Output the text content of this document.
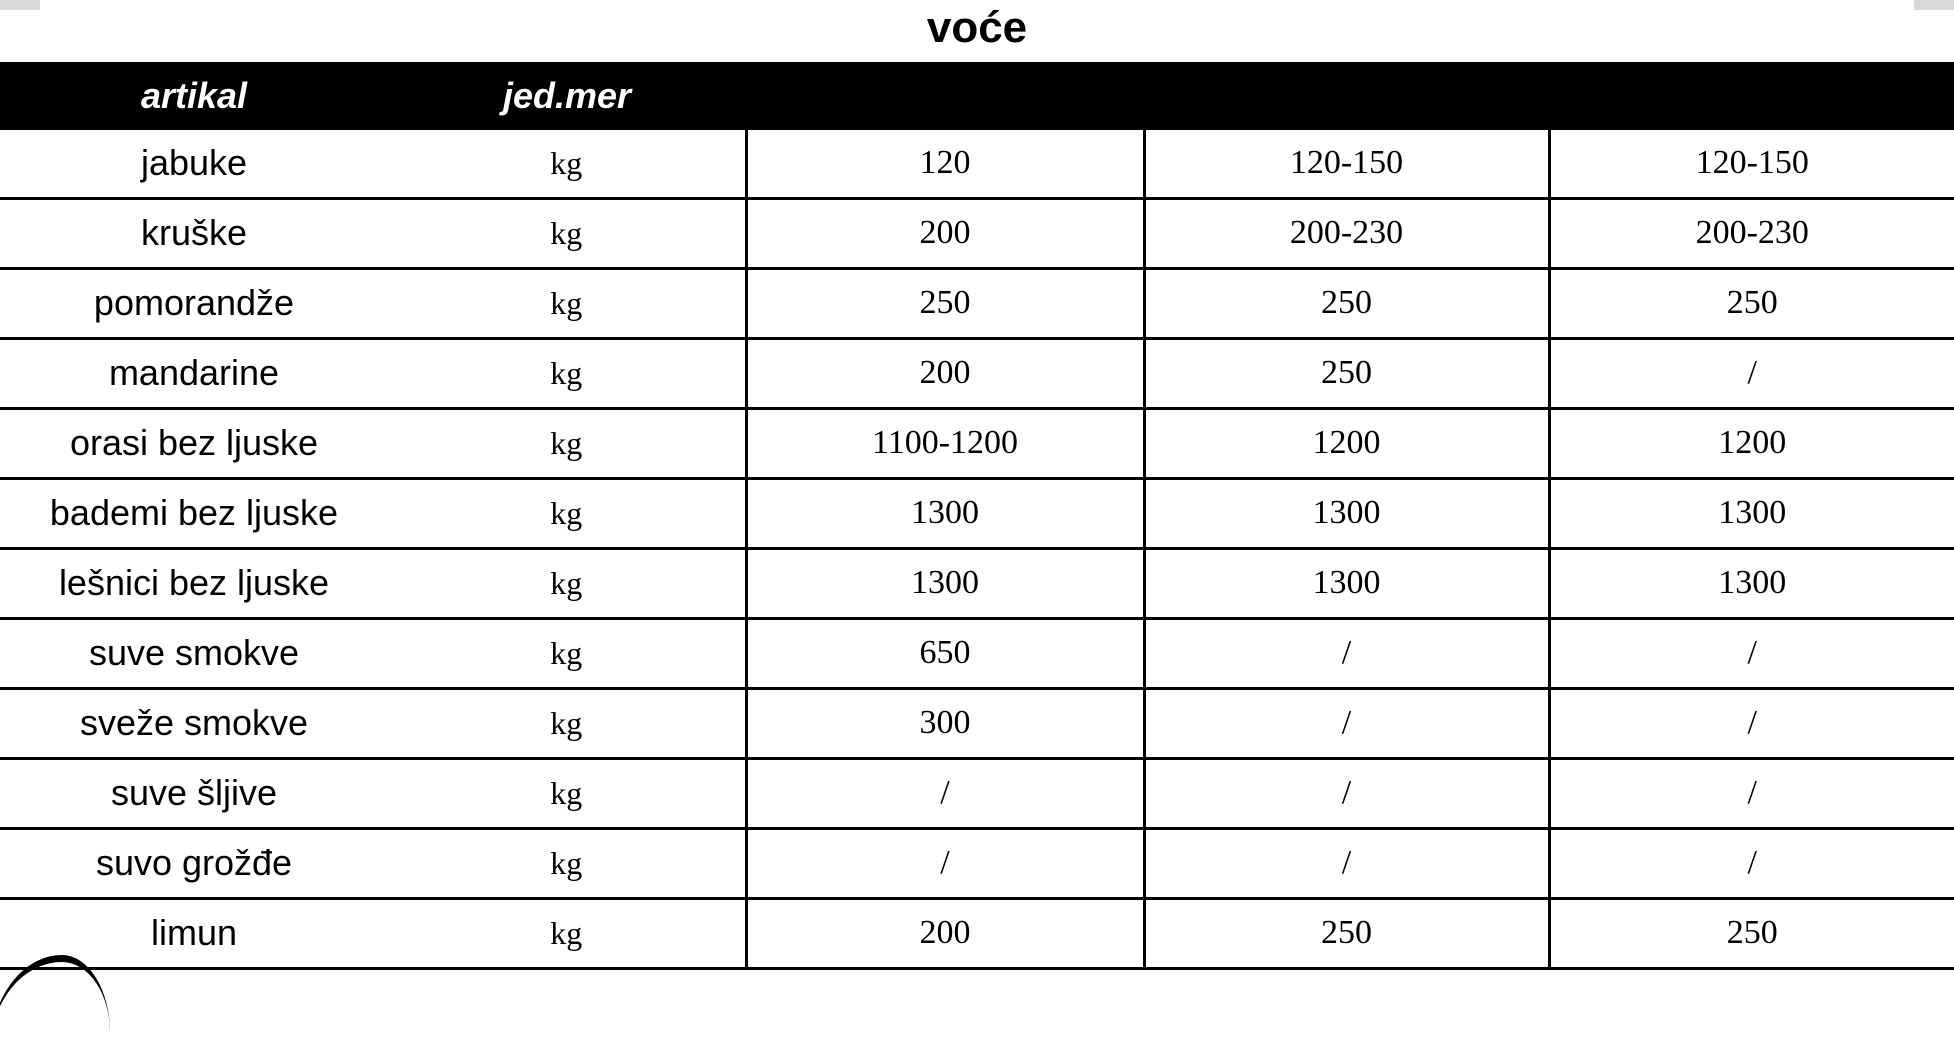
voće
artikal	jed.mer			
jabuke	kg	120	120-150	120-150
kruške	kg	200	200-230	200-230
pomorandže	kg	250	250	250
mandarine	kg	200	250	/
orasi bez ljuske	kg	1100-1200	1200	1200
bademi bez ljuske	kg	1300	1300	1300
lešnici bez ljuske	kg	1300	1300	1300
suve smokve	kg	650	/	/
sveže smokve	kg	300	/	/
suve šljive	kg	/	/	/
suvo grožđe	kg	/	/	/
limun	kg	200	250	250
